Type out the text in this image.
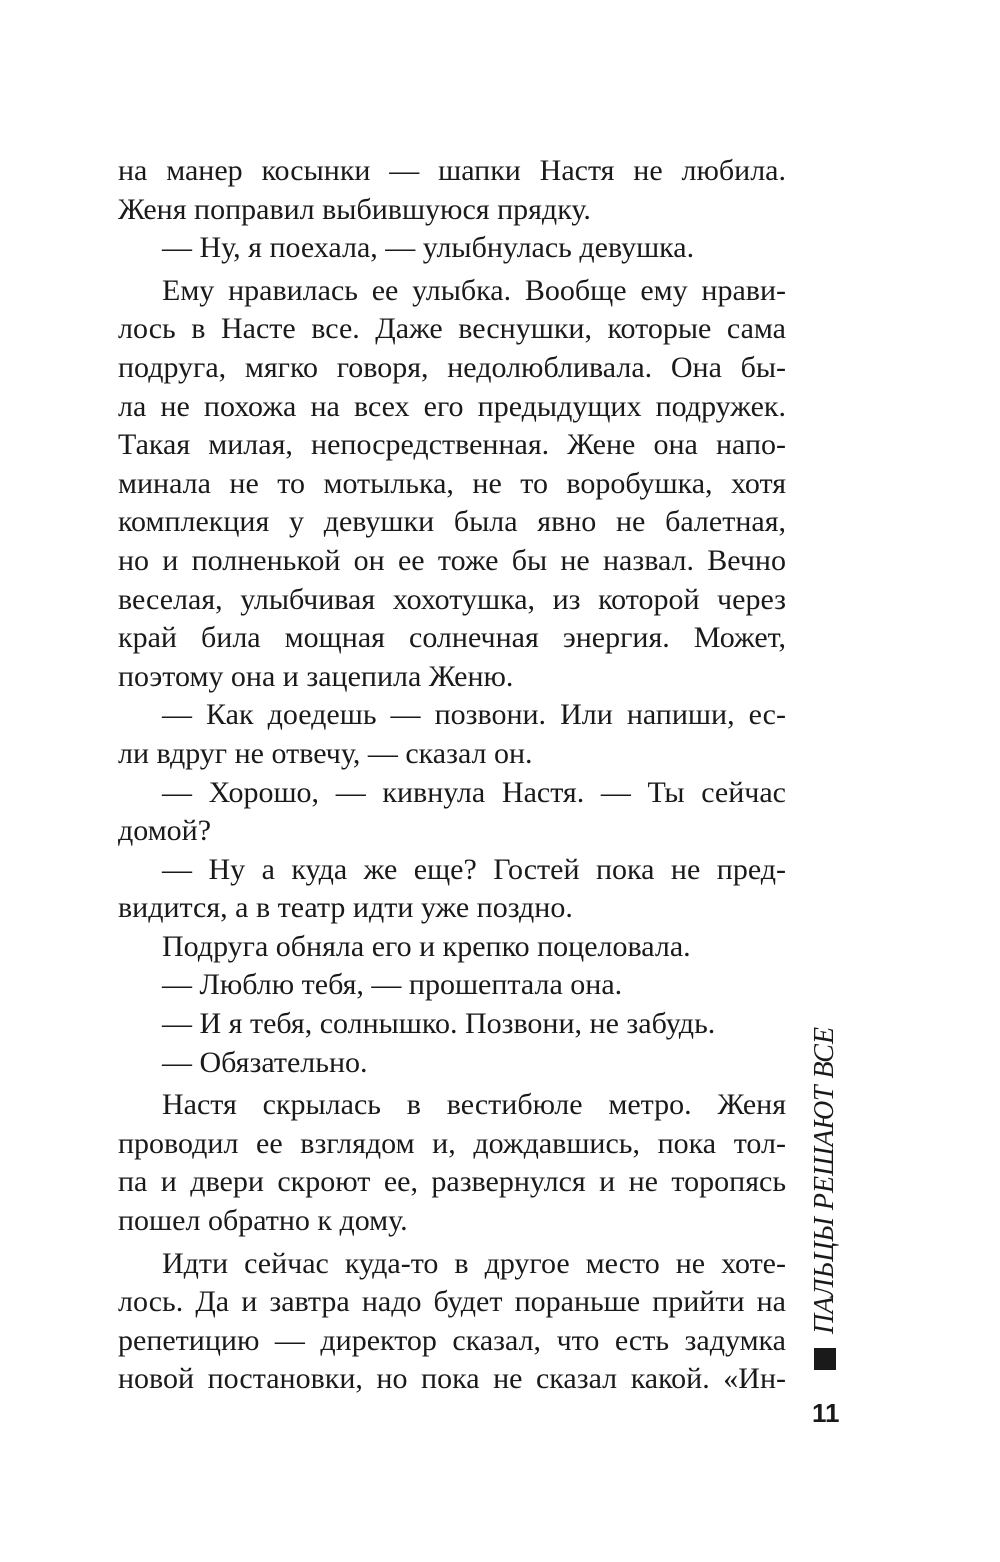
на манер косынки — шапки Настя не любила.
Женя поправил выбившуюся прядку.
— Ну, я поехала, — улыбнулась девушка.
Ему нравилась ее улыбка. Вообще ему нрави-
лось в Насте все. Даже веснушки, которые сама
подруга, мягко говоря, недолюбливала. Она бы-
ла не похожа на всех его предыдущих подружек.
Такая милая, непосредственная. Жене она напо-
минала не то мотылька, не то воробушка, хотя
комплекция у девушки была явно не балетная,
но и полненькой он ее тоже бы не назвал. Вечно
веселая, улыбчивая хохотушка, из которой через
край била мощная солнечная энергия. Может,
поэтому она и зацепила Женю.
— Как доедешь — позвони. Или напиши, ес-
ли вдруг не отвечу, — сказал он.
— Хорошо, — кивнула Настя. — Ты сейчас
домой?
— Ну а куда же еще? Гостей пока не пред-
видится, а в театр идти уже поздно.
Подруга обняла его и крепко поцеловала.
— Люблю тебя, — прошептала она.
— И я тебя, солнышко. Позвони, не забудь.
— Обязательно.
Настя скрылась в вестибюле метро. Женя
проводил ее взглядом и, дождавшись, пока тол-
па и двери скроют ее, развернулся и не торопясь
пошел обратно к дому.
Идти сейчас куда-то в другое место не хоте-
лось. Да и завтра надо будет пораньше прийти на
репетицию — директор сказал, что есть задумка
новой постановки, но пока не сказал какой. «Ин-
ПАЛЬЦЫ РЕШАЮТ ВСЕ
11
